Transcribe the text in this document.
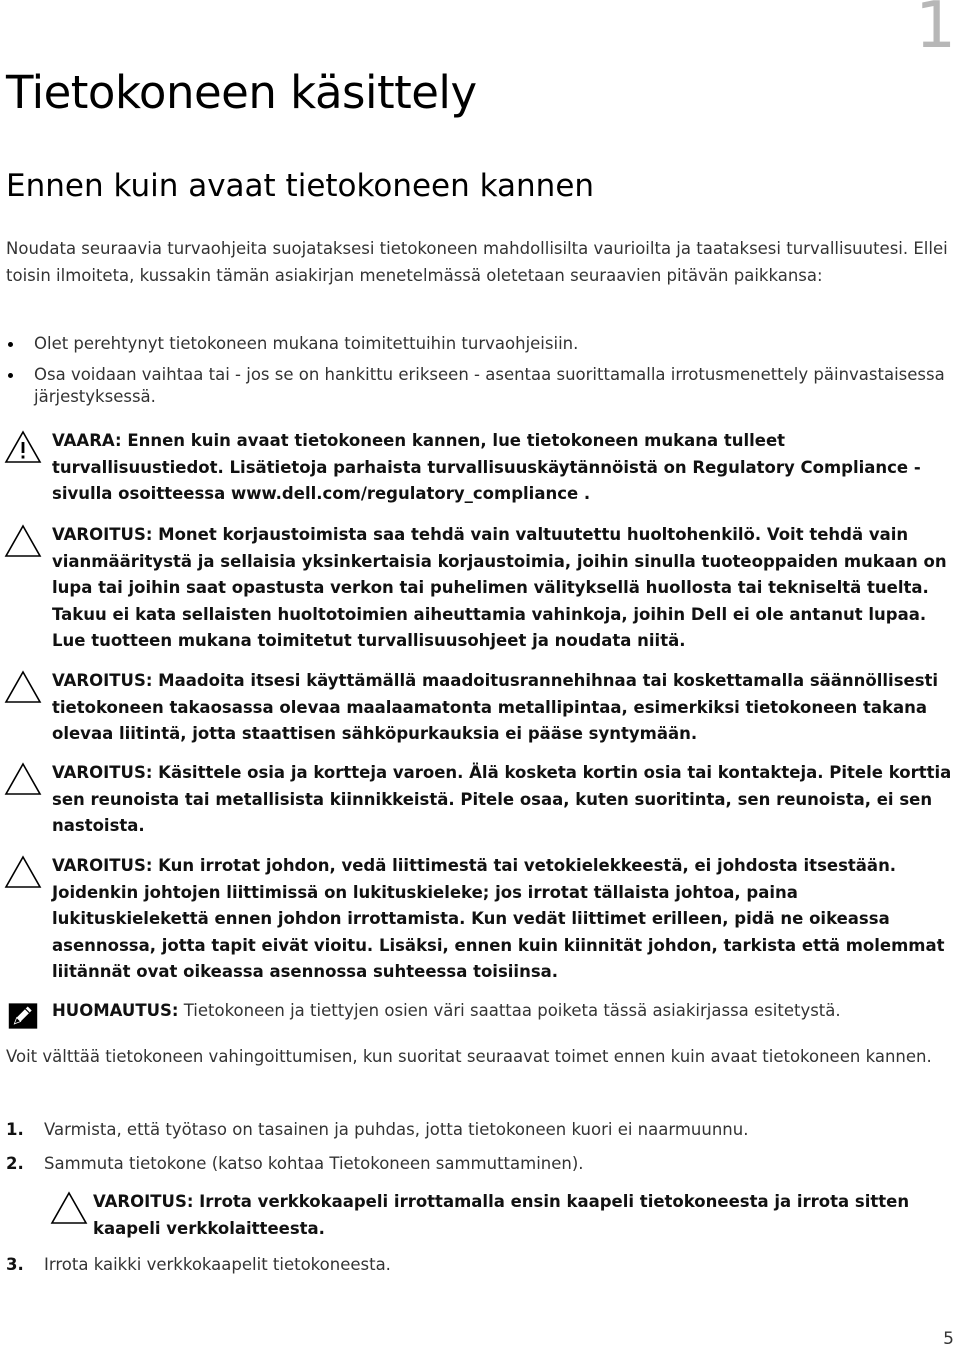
1
Tietokoneen käsittely
Ennen kuin avaat tietokoneen kannen

Noudata seuraavia turvaohjeita suojataksesi tietokoneen mahdollisilta vaurioilta ja taataksesi turvallisuutesi. Ellei toisin ilmoiteta, kussakin tämän asiakirjan menetelmässä oletetaan seuraavien pitävän paikkansa:

Olet perehtynyt tietokoneen mukana toimitettuihin turvaohjeisiin.
Osa voidaan vaihtaa tai - jos se on hankittu erikseen - asentaa suorittamalla irrotusmenettely päinvastaisessa järjestyksessä.
VAARA: Ennen kuin avaat tietokoneen kannen, lue tietokoneen mukana tulleet turvallisuustiedot. Lisätietoja parhaista turvallisuuskäytännöistä on Regulatory Compliance -sivulla osoitteessa www.dell.com/regulatory_compliance .
VAROITUS: Monet korjaustoimista saa tehdä vain valtuutettu huoltohenkilö. Voit tehdä vain vianmääritystä ja sellaisia yksinkertaisia korjaustoimia, joihin sinulla tuoteoppaiden mukaan on lupa tai joihin saat opastusta verkon tai puhelimen välityksellä huollosta tai tekniseltä tuelta. Takuu ei kata sellaisten huoltotoimien aiheuttamia vahinkoja, joihin Dell ei ole antanut lupaa. Lue tuotteen mukana toimitetut turvallisuusohjeet ja noudata niitä.
VAROITUS: Maadoita itsesi käyttämällä maadoitusrannehihnaa tai koskettamalla säännöllisesti tietokoneen takaosassa olevaa maalaamatonta metallipintaa, esimerkiksi tietokoneen takana olevaa liitintä, jotta staattisen sähköpurkauksia ei pääse syntymään.
VAROITUS: Käsittele osia ja kortteja varoen. Älä kosketa kortin osia tai kontakteja. Pitele korttia sen reunoista tai metallisista kiinnikkeistä. Pitele osaa, kuten suoritinta, sen reunoista, ei sen nastoista.
VAROITUS: Kun irrotat johdon, vedä liittimestä tai vetokielekkeestä, ei johdosta itsestään. Joidenkin johtojen liittimissä on lukituskieleke; jos irrotat tällaista johtoa, paina lukituskielekettä ennen johdon irrottamista. Kun vedät liittimet erilleen, pidä ne oikeassa asennossa, jotta tapit eivät vioitu. Lisäksi, ennen kuin kiinnität johdon, tarkista että molemmat liitännät ovat oikeassa asennossa suhteessa toisiinsa.
HUOMAUTUS: Tietokoneen ja tiettyjen osien väri saattaa poiketa tässä asiakirjassa esitetystä.

Voit välttää tietokoneen vahingoittumisen, kun suoritat seuraavat toimet ennen kuin avaat tietokoneen kannen.

1. Varmista, että työtaso on tasainen ja puhdas, jotta tietokoneen kuori ei naarmuunnu.
2. Sammuta tietokone (katso kohtaa Tietokoneen sammuttaminen).
VAROITUS: Irrota verkkokaapeli irrottamalla ensin kaapeli tietokoneesta ja irrota sitten kaapeli verkkolaitteesta.
3. Irrota kaikki verkkokaapelit tietokoneesta.
5
